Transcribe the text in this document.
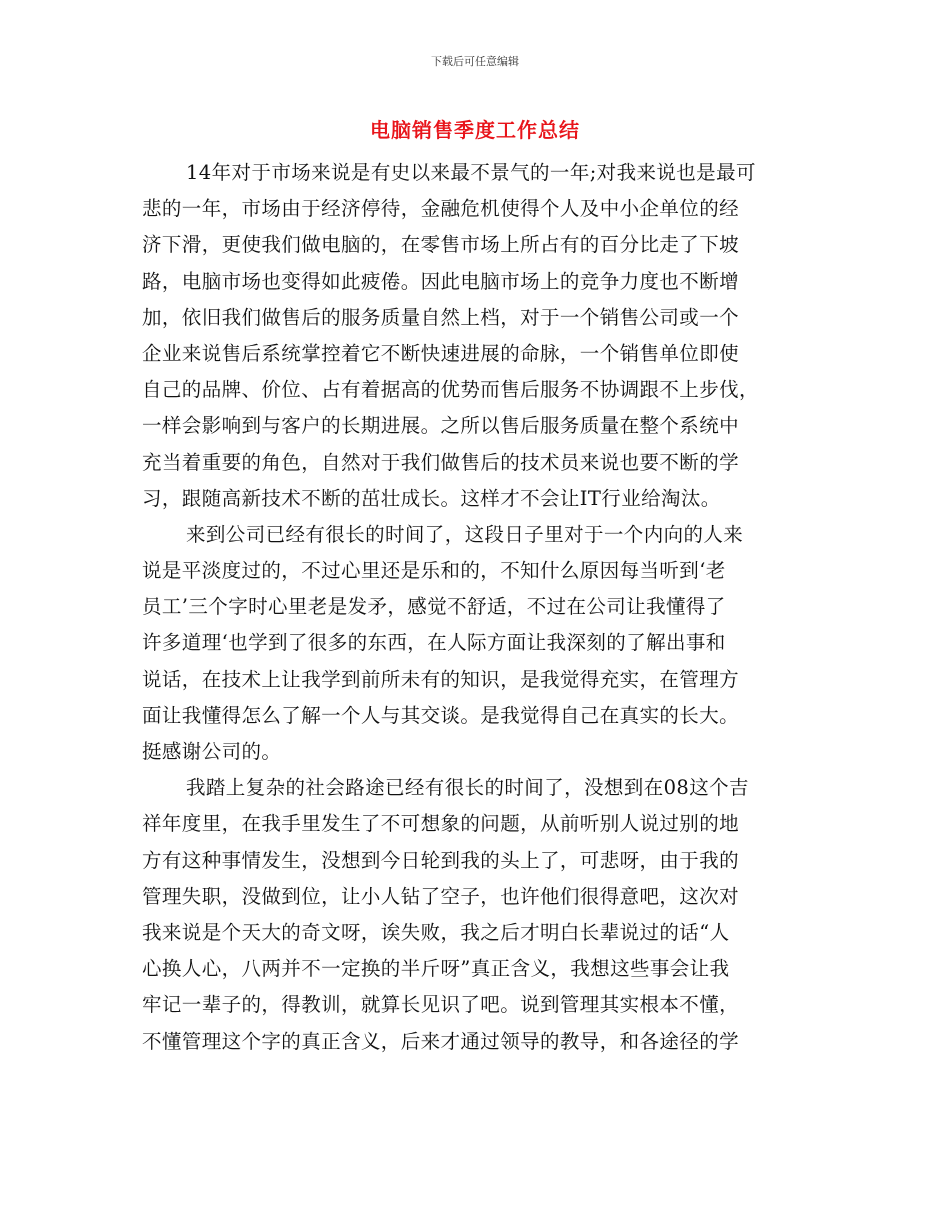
下载后可任意编辑
电脑销售季度工作总结
14年对于市场来说是有史以来最不景气的一年;对我来说也是最可
悲的一年，市场由于经济停待，金融危机使得个人及中小企单位的经
济下滑，更使我们做电脑的，在零售市场上所占有的百分比走了下坡
路，电脑市场也变得如此疲倦。因此电脑市场上的竞争力度也不断增
加，依旧我们做售后的服务质量自然上档，对于一个销售公司或一个
企业来说售后系统掌控着它不断快速进展的命脉，一个销售单位即使
自己的品牌、价位、占有着据高的优势而售后服务不协调跟不上步伐，
一样会影响到与客户的长期进展。之所以售后服务质量在整个系统中
充当着重要的角色，自然对于我们做售后的技术员来说也要不断的学
习，跟随高新技术不断的茁壮成长。这样才不会让IT行业给淘汰。
来到公司已经有很长的时间了，这段日子里对于一个内向的人来
说是平淡度过的，不过心里还是乐和的，不知什么原因每当听到‘老
员工’三个字时心里老是发矛，感觉不舒适，不过在公司让我懂得了
许多道理‘也学到了很多的东西，在人际方面让我深刻的了解出事和
说话，在技术上让我学到前所未有的知识，是我觉得充实，在管理方
面让我懂得怎么了解一个人与其交谈。是我觉得自己在真实的长大。
挺感谢公司的。
我踏上复杂的社会路途已经有很长的时间了，没想到在08这个吉
祥年度里，在我手里发生了不可想象的问题，从前听别人说过别的地
方有这种事情发生，没想到今日轮到我的头上了，可悲呀，由于我的
管理失职，没做到位，让小人钻了空子，也许他们很得意吧，这次对
我来说是个天大的奇文呀，诶失败，我之后才明白长辈说过的话“人
心换人心，八两并不一定换的半斤呀”真正含义，我想这些事会让我
牢记一辈子的，得教训，就算长见识了吧。说到管理其实根本不懂，
不懂管理这个字的真正含义，后来才通过领导的教导，和各途径的学
